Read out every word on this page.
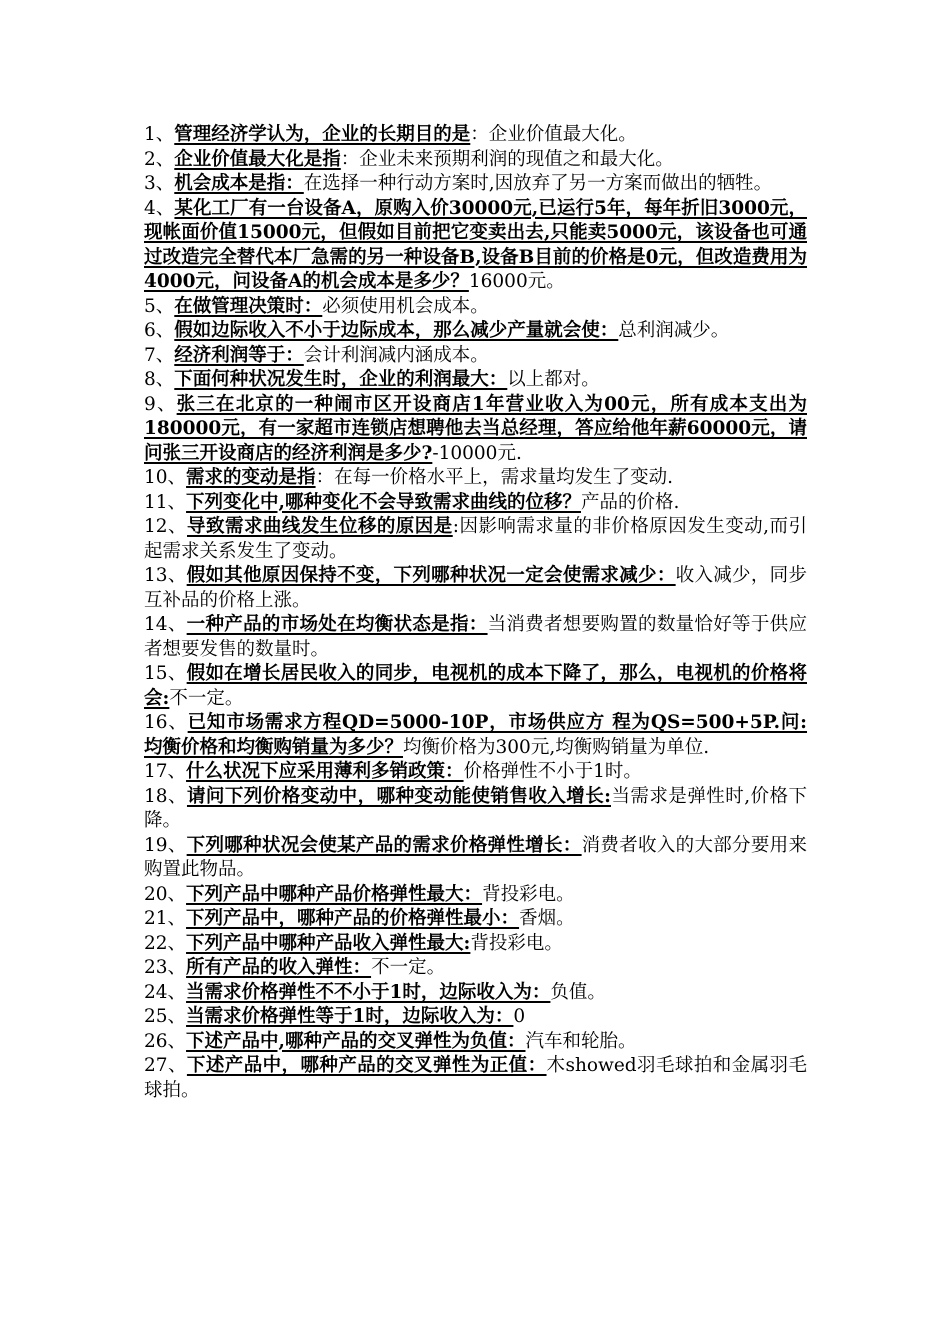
1、管理经济学认为，企业的长期目的是：企业价值最大化。

2、企业价值最大化是指：企业未来预期利润的现值之和最大化。

3、机会成本是指：在选择一种行动方案时,因放弃了另一方案而做出的牺牲。

4、某化工厂有一台设备A，原购入价30000元,已运行5年，每年折旧3000元，现帐面价值15000元，但假如目前把它变卖出去,只能卖5000元，该设备也可通过改造完全替代本厂急需的另一种设备B,设备B目前的价格是0元，但改造费用为4000元，问设备A的机会成本是多少？16000元。

5、在做管理决策时：必须使用机会成本。

6、假如边际收入不小于边际成本，那么减少产量就会使：总利润减少。

7、经济利润等于：会计利润减内涵成本。

8、下面何种状况发生时，企业的利润最大：以上都对。

9、张三在北京的一种闹市区开设商店1年营业收入为00元，所有成本支出为180000元，有一家超市连锁店想聘他去当总经理，答应给他年薪60000元，请问张三开设商店的经济利润是多少?-10000元.

10、需求的变动是指：在每一价格水平上，需求量均发生了变动.

11、下列变化中,哪种变化不会导致需求曲线的位移？产品的价格.

12、导致需求曲线发生位移的原因是:因影响需求量的非价格原因发生变动,而引起需求关系发生了变动。

13、假如其他原因保持不变，下列哪种状况一定会使需求减少：收入减少，同步互补品的价格上涨。

14、一种产品的市场处在均衡状态是指：当消费者想要购置的数量恰好等于供应者想要发售的数量时。

15、假如在增长居民收入的同步，电视机的成本下降了，那么，电视机的价格将会:不一定。

16、已知市场需求方程QD=5000-10P，市场供应方 程为QS=500+5P.问:均衡价格和均衡购销量为多少？均衡价格为300元,均衡购销量为单位.

17、什么状况下应采用薄利多销政策：价格弹性不小于1时。

18、请问下列价格变动中，哪种变动能使销售收入增长:当需求是弹性时,价格下降。

19、下列哪种状况会使某产品的需求价格弹性增长：消费者收入的大部分要用来购置此物品。

20、下列产品中哪种产品价格弹性最大：背投彩电。

21、下列产品中，哪种产品的价格弹性最小：香烟。

22、下列产品中哪种产品收入弹性最大:背投彩电。

23、所有产品的收入弹性：不一定。

24、当需求价格弹性不不小于1时，边际收入为：负值。

25、当需求价格弹性等于1时，边际收入为：0

26、下述产品中,哪种产品的交叉弹性为负值：汽车和轮胎。

27、下述产品中，哪种产品的交叉弹性为正值：木showed羽毛球拍和金属羽毛球拍。
